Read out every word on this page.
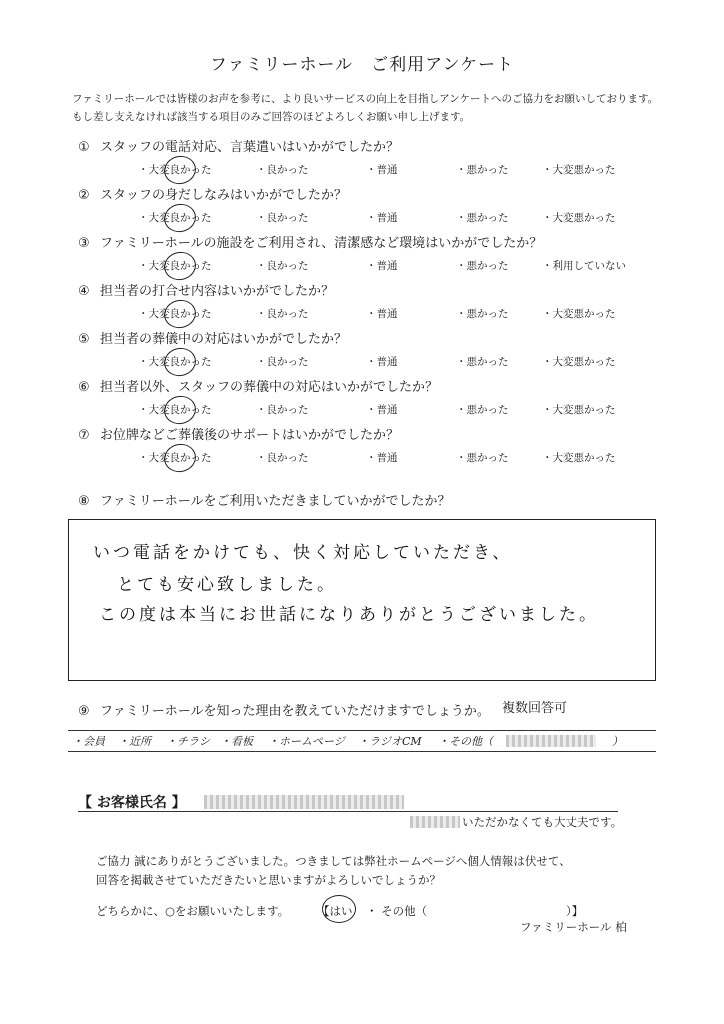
ファミリーホール　ご利用アンケート
ファミリーホールでは皆様のお声を参考に、より良いサービスの向上を目指しアンケートへのご協力をお願いしております。
もし差し支えなければ該当する項目のみご回答のほどよろしくお願い申し上げます。
① スタッフの電話対応、言葉遣いはいかがでしたか？
・大変良かった	・良かった	・普通	・悪かった	・大変悪かった
② スタッフの身だしなみはいかがでしたか？
・大変良かった	・良かった	・普通	・悪かった	・大変悪かった
③ ファミリーホールの施設をご利用され、清潔感など環境はいかがでしたか？
・大変良かった	・良かった	・普通	・悪かった	・利用していない
④ 担当者の打合せ内容はいかがでしたか？
・大変良かった	・良かった	・普通	・悪かった	・大変悪かった
⑤ 担当者の葬儀中の対応はいかがでしたか？
・大変良かった	・良かった	・普通	・悪かった	・大変悪かった
⑥ 担当者以外、スタッフの葬儀中の対応はいかがでしたか？
・大変良かった	・良かった	・普通	・悪かった	・大変悪かった
⑦ お位牌などご葬儀後のサポートはいかがでしたか？
・大変良かった	・良かった	・普通	・悪かった	・大変悪かった
⑧ ファミリーホールをご利用いただきましていかがでしたか？
いつ電話をかけても、快く対応していただき、
とても安心致しました。
この度は本当にお世話になりありがとうございました。
⑨ ファミリーホールを知った理由を教えていただけますでしょうか。 複数回答可
・会員 ・近所 ・チラシ ・看板 ・ホームページ ・ラジオCM ・その他（	）
【 お客様氏名 】
いただかなくても大丈夫です。
ご協力 誠にありがとうございました。つきましては弊社ホームページへ個人情報は伏せて、
回答を掲載させていただきたいと思いますがよろしいでしょうか？
どちらかに、○をお願いいたします。	【はい ・ その他（	）】
ファミリーホール 柏
